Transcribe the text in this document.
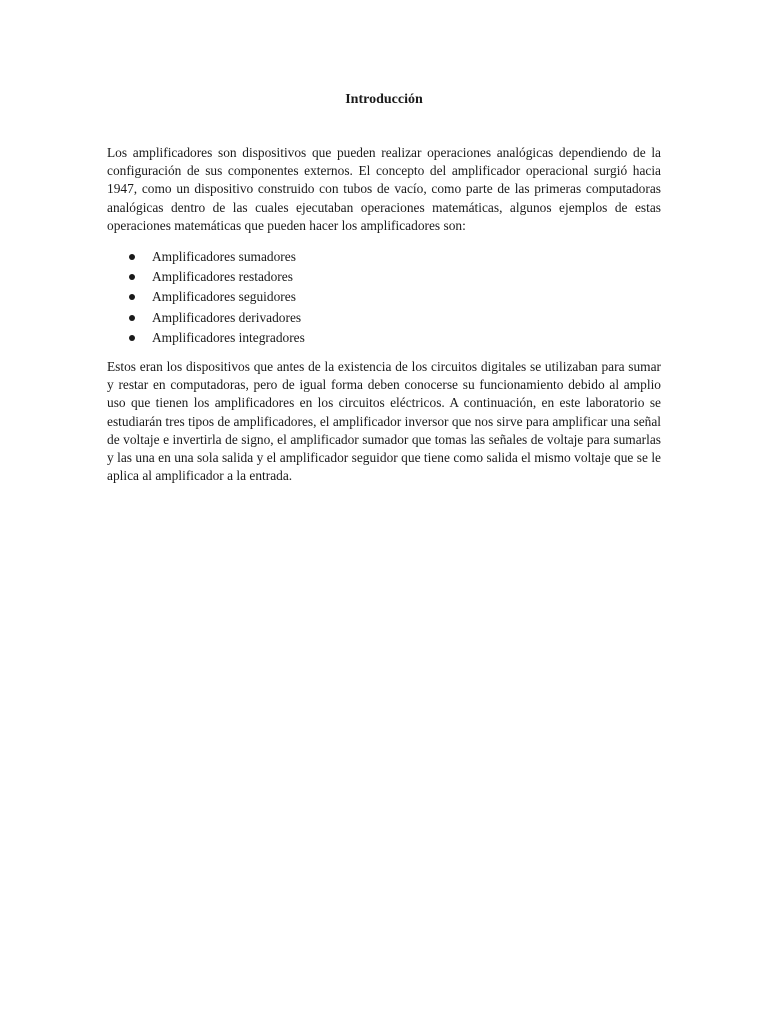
Introducción

Los amplificadores son dispositivos que pueden realizar operaciones analógicas dependiendo de la configuración de sus componentes externos. El concepto del amplificador operacional surgió hacia 1947, como un dispositivo construido con tubos de vacío, como parte de las primeras computadoras analógicas dentro de las cuales ejecutaban operaciones matemáticas, algunos ejemplos de estas operaciones matemáticas que pueden hacer los amplificadores son:

Amplificadores sumadores
Amplificadores restadores
Amplificadores seguidores
Amplificadores derivadores
Amplificadores integradores

Estos eran los dispositivos que antes de la existencia de los circuitos digitales se utilizaban para sumar y restar en computadoras, pero de igual forma deben conocerse su funcionamiento debido al amplio uso que tienen los amplificadores en los circuitos eléctricos. A continuación, en este laboratorio se estudiarán tres tipos de amplificadores, el amplificador inversor que nos sirve para amplificar una señal de voltaje e invertirla de signo, el amplificador sumador que tomas las señales de voltaje para sumarlas y las una en una sola salida y el amplificador seguidor que tiene como salida el mismo voltaje que se le aplica al amplificador a la entrada.
